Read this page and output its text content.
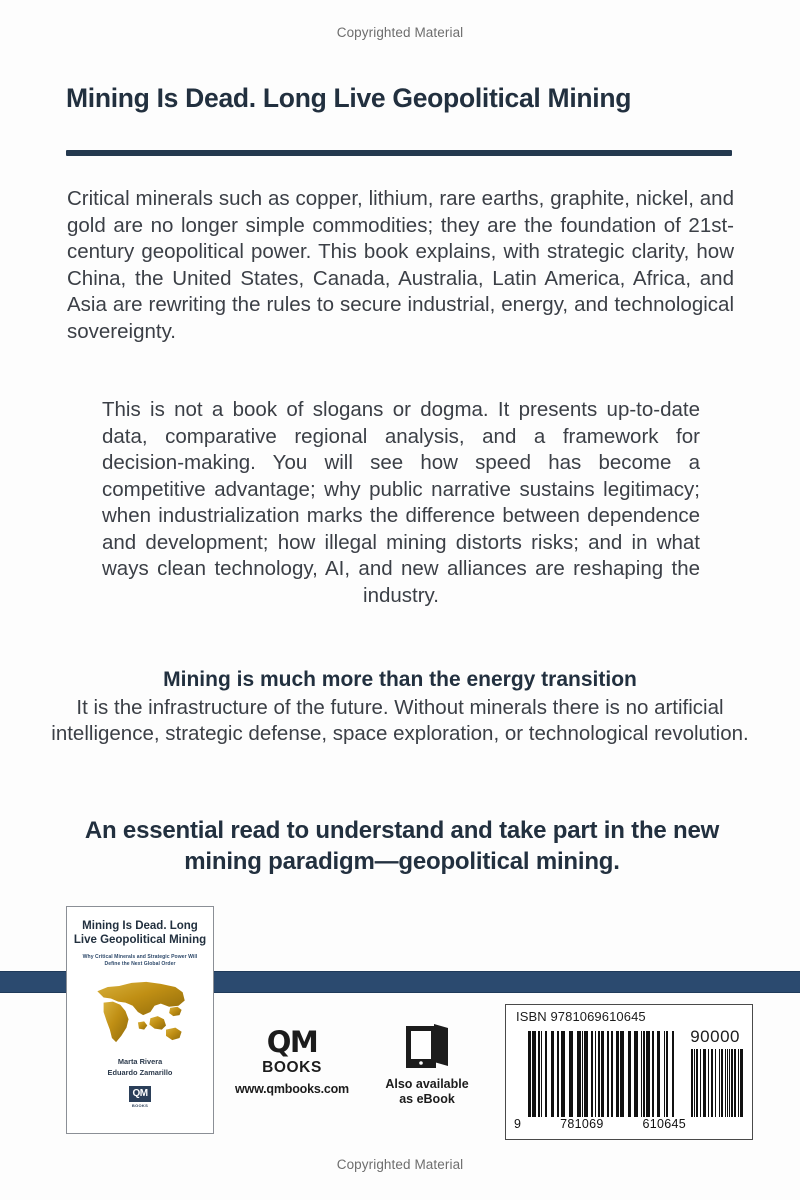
Copyrighted Material
Mining Is Dead. Long Live Geopolitical Mining
Critical minerals such as copper, lithium, rare earths, graphite, nickel, and gold are no longer simple commodities; they are the foundation of 21st-century geopolitical power. This book explains, with strategic clarity, how China, the United States, Canada, Australia, Latin America, Africa, and Asia are rewriting the rules to secure industrial, energy, and technological sovereignty.
This is not a book of slogans or dogma. It presents up-to-date data, comparative regional analysis, and a framework for decision-making. You will see how speed has become a competitive advantage; why public narrative sustains legitimacy; when industrialization marks the difference between dependence and development; how illegal mining distorts risks; and in what ways clean technology, AI, and new alliances are reshaping the industry.
Mining is much more than the energy transition
It is the infrastructure of the future. Without minerals there is no artificial intelligence, strategic defense, space exploration, or technological revolution.
An essential read to understand and take part in the new mining paradigm—geopolitical mining.
Mining Is Dead. Long Live Geopolitical Mining
Why Critical Minerals and Strategic Power Will Define the Next Global Order
Marta Rivera
Eduardo Zamarillo
QM
BOOKS
QM
BOOKS
www.qmbooks.com	Also available
as eBook
ISBN 9781069610645
90000
9	781069	610645
Copyrighted Material
